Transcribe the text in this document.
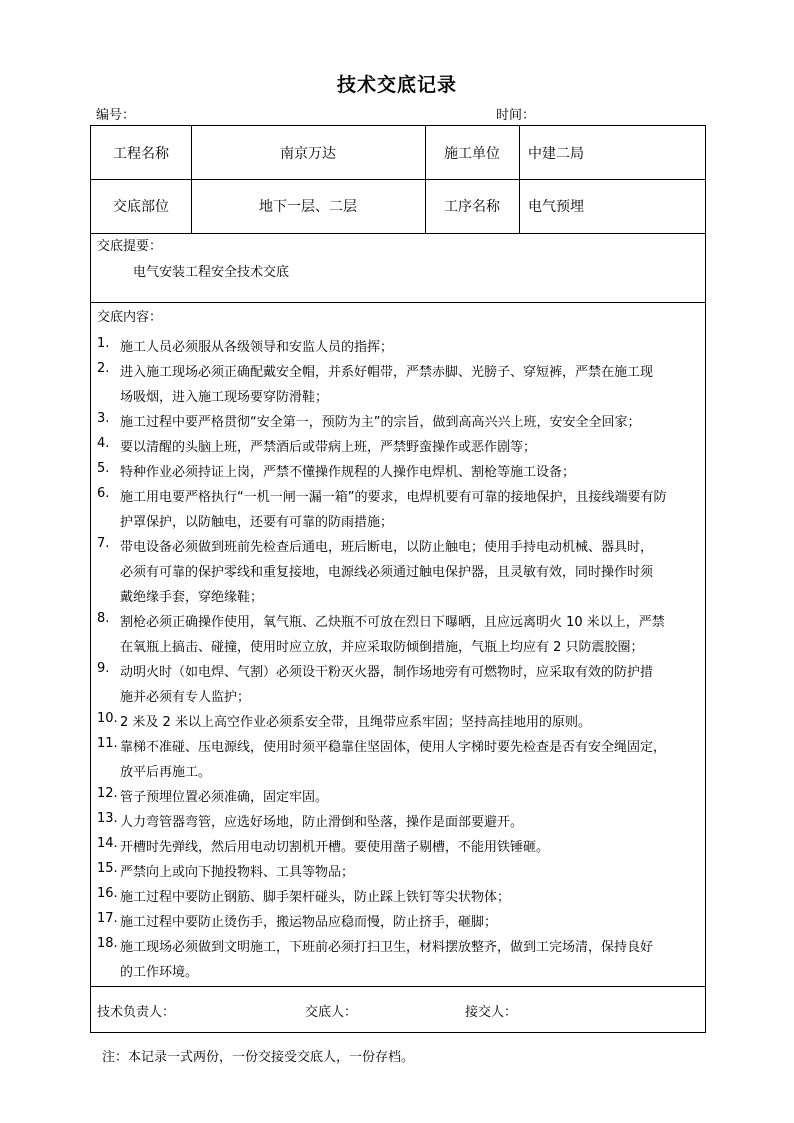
技术交底记录
编号：	时间：
工程名称	南京万达	施工单位	中建二局
交底部位	地下一层、二层	工序名称	电气预埋
交底提要：
电气安装工程安全技术交底
交底内容：
1. 施工人员必须服从各级领导和安监人员的指挥；
2. 进入施工现场必须正确配戴安全帽，并系好帽带，严禁赤脚、光膀子、穿短裤，严禁在施工现
场吸烟，进入施工现场要穿防滑鞋；
3. 施工过程中要严格贯彻“安全第一，预防为主”的宗旨，做到高高兴兴上班，安安全全回家；
4. 要以清醒的头脑上班，严禁酒后或带病上班，严禁野蛮操作或恶作剧等；
5. 特种作业必须持证上岗，严禁不懂操作规程的人操作电焊机、割枪等施工设备；
6. 施工用电要严格执行“一机一闸一漏一箱”的要求，电焊机要有可靠的接地保护，且接线端要有防
护罩保护，以防触电，还要有可靠的防雨措施；
7. 带电设备必须做到班前先检查后通电，班后断电，以防止触电；使用手持电动机械、器具时，
必须有可靠的保护零线和重复接地，电源线必须通过触电保护器，且灵敏有效，同时操作时须
戴绝缘手套，穿绝缘鞋；
8. 割枪必须正确操作使用，氧气瓶、乙炔瓶不可放在烈日下曝晒，且应远离明火 10 米以上，严禁
在氧瓶上搞击、碰撞，使用时应立放，并应采取防倾倒措施，气瓶上均应有 2 只防震胶圈；
9. 动明火时（如电焊、气割）必须设干粉灭火器，制作场地旁有可燃物时，应采取有效的防护措
施并必须有专人监护；
10. 2 米及 2 米以上高空作业必须系安全带，且绳带应系牢固；坚持高挂地用的原则。
11. 靠梯不准碰、压电源线，使用时须平稳靠住坚固体，使用人字梯时要先检查是否有安全绳固定，
放平后再施工。
12. 管子预埋位置必须准确，固定牢固。
13. 人力弯管器弯管，应选好场地，防止滑倒和坠落，操作是面部要避开。
14. 开槽时先弹线，然后用电动切割机开槽。要使用凿子剔槽，不能用铁锤砸。
15. 严禁向上或向下抛投物料、工具等物品；
16. 施工过程中要防止钢筋、脚手架杆碰头，防止踩上铁钉等尖状物体；
17. 施工过程中要防止烫伤手，搬运物品应稳而慢，防止挤手，砸脚；
18. 施工现场必须做到文明施工，下班前必须打扫卫生，材料摆放整齐，做到工完场清，保持良好
的工作环境。
技术负责人：	交底人：	接交人：
注：本记录一式两份，一份交接受交底人，一份存档。
